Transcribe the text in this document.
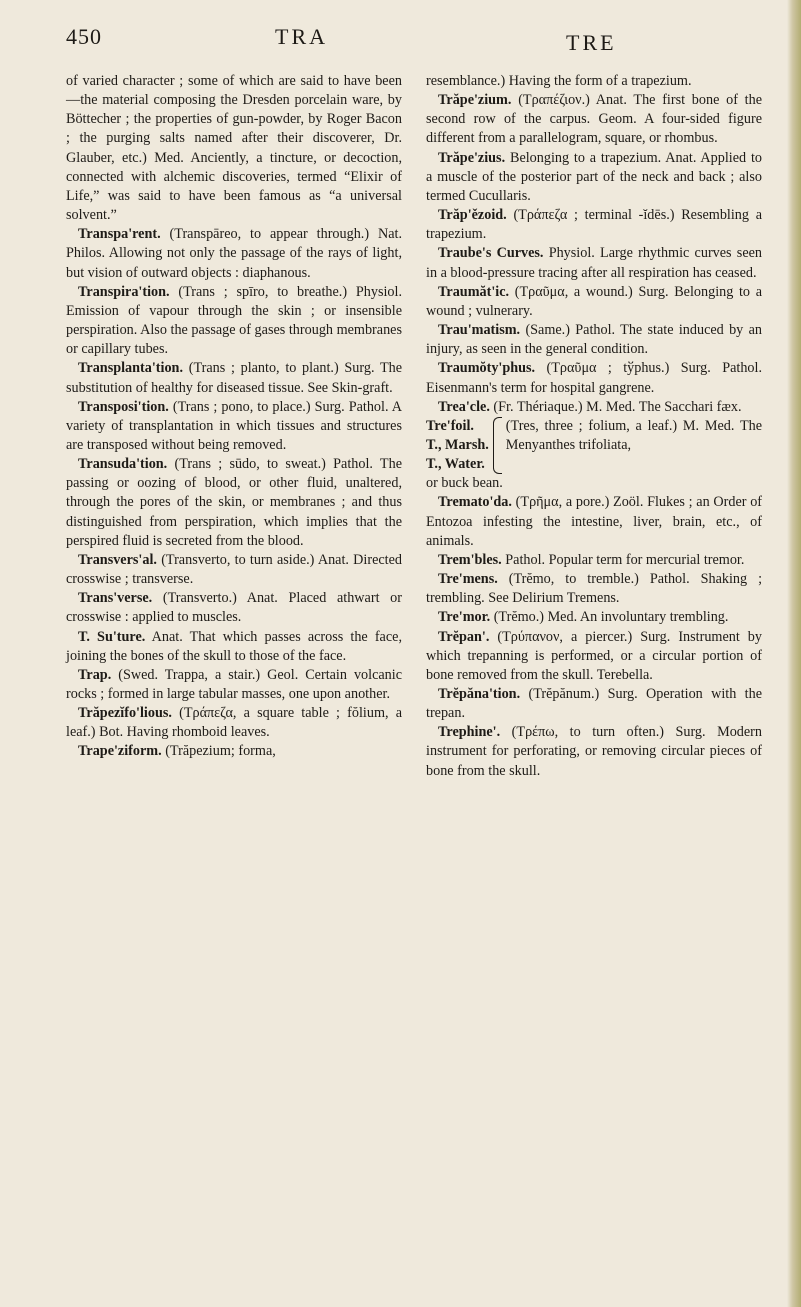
450	TRA	TRE

of varied character ; some of which are said to have been—the material composing the Dresden porcelain ware, by Böttecher ; the properties of gun-powder, by Roger Bacon ; the purging salts named after their discoverer, Dr. Glauber, etc.) Med. Anciently, a tincture, or decoction, connected with alchemic discoveries, termed “Elixir of Life,” was said to have been famous as “a universal solvent.”

Transpa'rent. (Transpāreo, to appear through.) Nat. Philos. Allowing not only the passage of the rays of light, but vision of outward objects : diaphanous.

Transpira'tion. (Trans ; spīro, to breathe.) Physiol. Emission of vapour through the skin ; or insensible perspiration. Also the passage of gases through membranes or capillary tubes.

Transplanta'tion. (Trans ; planto, to plant.) Surg. The substitution of healthy for diseased tissue. See Skin-graft.

Transposi'tion. (Trans ; pono, to place.) Surg. Pathol. A variety of transplantation in which tissues and structures are transposed without being removed.

Transuda'tion. (Trans ; sūdo, to sweat.) Pathol. The passing or oozing of blood, or other fluid, unaltered, through the pores of the skin, or membranes ; and thus distinguished from perspiration, which implies that the perspired fluid is secreted from the blood.

Transvers'al. (Transverto, to turn aside.) Anat. Directed crosswise ; transverse.

Trans'verse. (Transverto.) Anat. Placed athwart or crosswise : applied to muscles.

T. Su'ture. Anat. That which passes across the face, joining the bones of the skull to those of the face.

Trap. (Swed. Trappa, a stair.) Geol. Certain volcanic rocks ; formed in large tabular masses, one upon another.

Trăpezĭfo'lious. (Τράπεζα, a square table ; fŏlium, a leaf.) Bot. Having rhomboid leaves.

Trape'ziform. (Trăpezium; forma,

resemblance.) Having the form of a trapezium.

Trăpe'zium. (Τραπέζιον.) Anat. The first bone of the second row of the carpus. Geom. A four-sided figure different from a parallelogram, square, or rhombus.

Trăpe'zius. Belonging to a trapezium. Anat. Applied to a muscle of the posterior part of the neck and back ; also termed Cucullaris.

Trăp'ězoid. (Τράπεζα ; terminal -ĭdēs.) Resembling a trapezium.

Traube's Curves. Physiol. Large rhythmic curves seen in a blood-pressure tracing after all respiration has ceased.

Traumăt'ic. (Τραῦμα, a wound.) Surg. Belonging to a wound ; vulnerary.

Trau'matism. (Same.) Pathol. The state induced by an injury, as seen in the general condition.

Traumŏty'phus. (Τραῦμα ; tўphus.) Surg. Pathol. Eisenmann's term for hospital gangrene.

Trea'cle. (Fr. Thériaque.) M. Med. The Sacchari fæx.

Tre'foil.
T., Marsh.
T., Water.
(Tres, three ; folium, a leaf.) M. Med. The Menyanthes trifoliata,
or buck bean.

Tremato'da. (Τρῆμα, a pore.) Zoöl. Flukes ; an Order of Entozoa infesting the intestine, liver, brain, etc., of animals.

Trem'bles. Pathol. Popular term for mercurial tremor.

Tre'mens. (Trĕmo, to tremble.) Pathol. Shaking ; trembling. See Delirium Tremens.

Tre'mor. (Trĕmo.) Med. An involuntary trembling.

Trĕpan'. (Τρύπανον, a piercer.) Surg. Instrument by which trepanning is performed, or a circular portion of bone removed from the skull. Terebella.

Trĕpăna'tion. (Trĕpănum.) Surg. Operation with the trepan.

Trephine'. (Τρέπω, to turn often.) Surg. Modern instrument for perforating, or removing circular pieces of bone from the skull.
